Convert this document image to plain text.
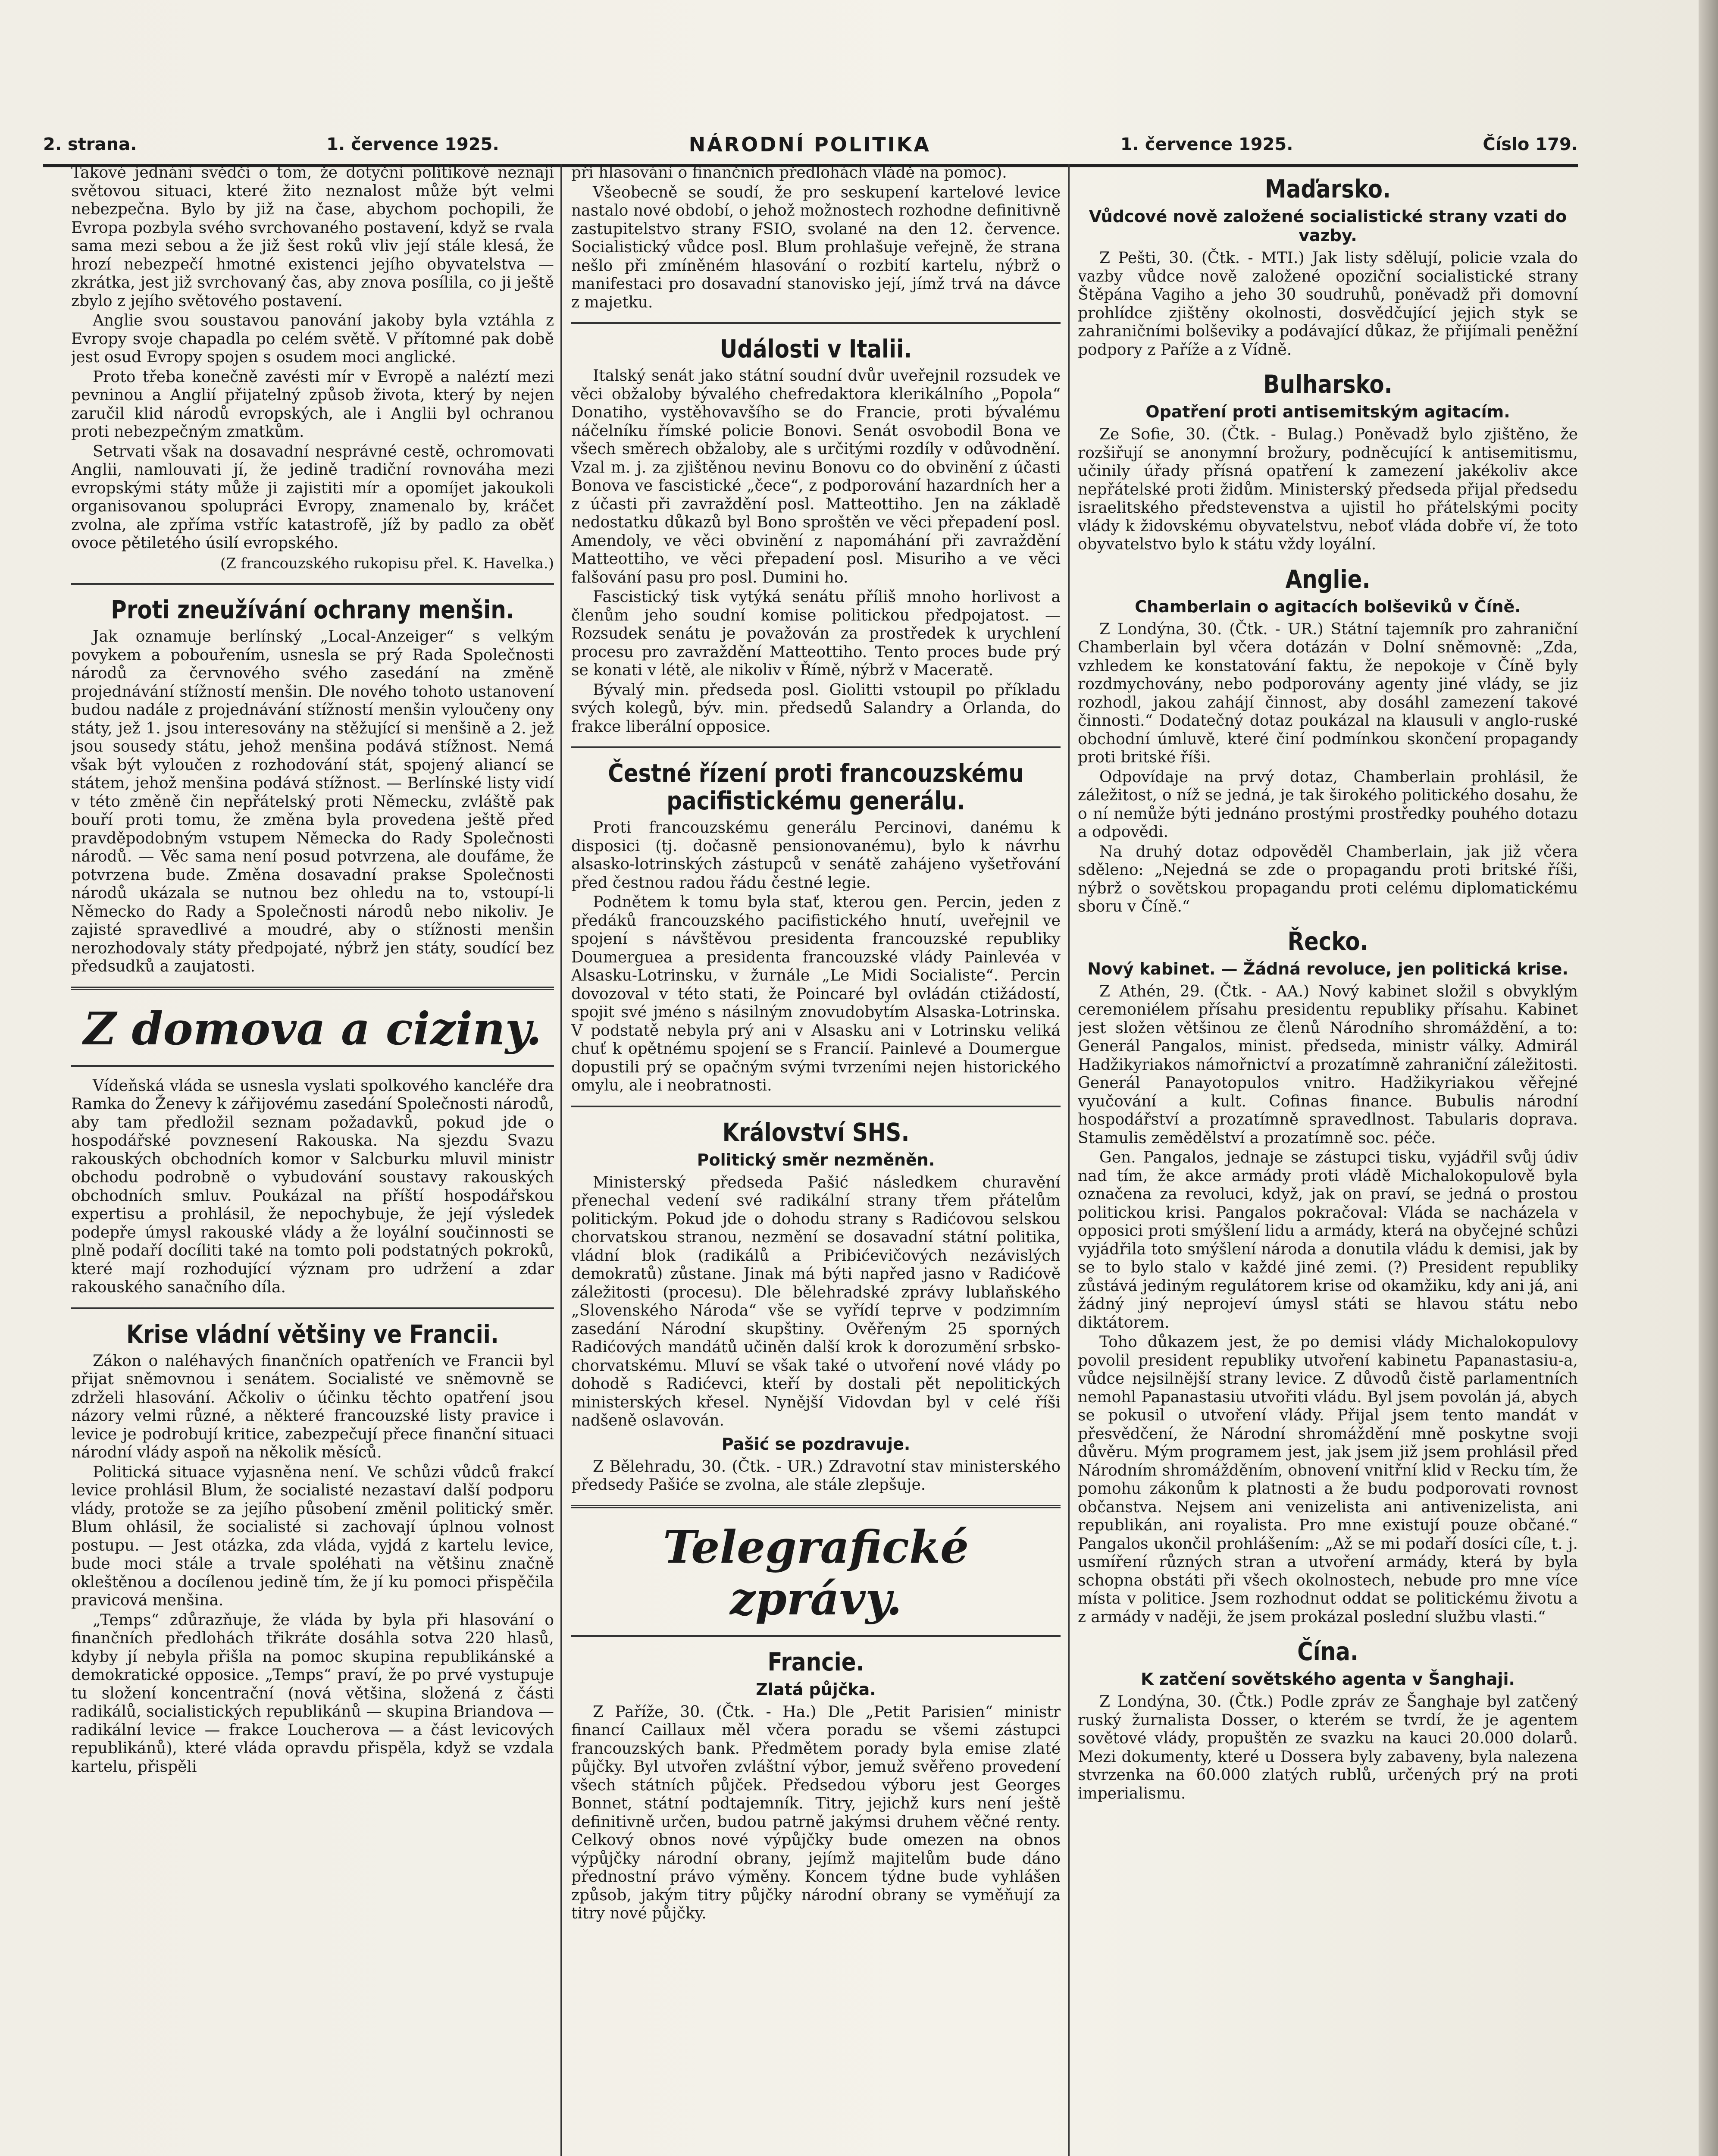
2. strana.	1. července 1925.	NÁRODNÍ POLITIKA	1. července 1925.	Číslo 179.

Takové jednání svědčí o tom, že dotyční politikové neznají světovou situaci, které žito neznalost může být velmi nebezpečna. Bylo by již na čase, abychom pochopili, že Evropa pozbyla svého svrchovaného postavení, když se rvala sama mezi sebou a že již šest roků vliv její stále klesá, že hrozí nebezpečí hmotné existenci jejího obyvatelstva — zkrátka, jest již svrchovaný čas, aby znova posílila, co ji ještě zbylo z jejího světového postavení.

Anglie svou soustavou panování jakoby byla vztáhla z Evropy svoje chapadla po celém světě. V přítomné pak době jest osud Evropy spojen s osudem moci anglické.

Proto třeba konečně zavésti mír v Evropě a naléztí mezi pevninou a Anglií přijatelný způsob života, který by nejen zaručil klid národů evropských, ale i Anglii byl ochranou proti nebezpečným zmatkům.

Setrvati však na dosavadní nesprávné cestě, ochromovati Anglii, namlouvati jí, že jedině tradiční rovnováha mezi evropskými státy může ji zajistiti mír a opomíjet jakoukoli organisovanou spolupráci Evropy, znamenalo by, kráčet zvolna, ale zpříma vstříc katastrofě, jíž by padlo za oběť ovoce pětiletého úsilí evropského.

(Z francouzského rukopisu přel. K. Havelka.)
Proti zneužívání ochrany menšin.

Jak oznamuje berlínský „Local-Anzeiger“ s velkým povykem a pobouřením, usnesla se prý Rada Společnosti národů za červnového svého zasedání na změně projednávání stížností menšin. Dle nového tohoto ustanovení budou nadále z projednávání stížností menšin vyloučeny ony státy, jež 1. jsou interesovány na stěžující si menšině a 2. jež jsou sousedy státu, jehož menšina podává stížnost. Nemá však být vyloučen z rozhodování stát, spojený aliancí se státem, jehož menšina podává stížnost. — Berlínské listy vidí v této změně čin nepřátelský proti Německu, zvláště pak bouří proti tomu, že změna byla provedena ještě před pravděpodobným vstupem Německa do Rady Společnosti národů. — Věc sama není posud potvrzena, ale doufáme, že potvrzena bude. Změna dosavadní prakse Společnosti národů ukázala se nutnou bez ohledu na to, vstoupí-li Německo do Rady a Společnosti národů nebo nikoliv. Je zajisté spravedlivé a moudré, aby o stížnosti menšin nerozhodovaly státy předpojaté, nýbrž jen státy, soudící bez předsudků a zaujatosti.

Z domova a ciziny.

Vídeňská vláda se usnesla vyslati spolkového kancléře dra Ramka do Ženevy k zářijovému zasedání Společnosti národů, aby tam předložil seznam požadavků, pokud jde o hospodářské povznesení Rakouska. Na sjezdu Svazu rakouských obchodních komor v Salcburku mluvil ministr obchodu podrobně o vybudování soustavy rakouských obchodních smluv. Poukázal na příští hospodářskou expertisu a prohlásil, že nepochybuje, že její výsledek podepře úmysl rakouské vlády a že loyální součinnosti se plně podaří docíliti také na tomto poli podstatných pokroků, které mají rozhodující význam pro udržení a zdar rakouského sanačního díla.

Krise vládní většiny ve Francii.

Zákon o naléhavých finančních opatřeních ve Francii byl přijat sněmovnou i senátem. Socialisté ve sněmovně se zdrželi hlasování. Ačkoliv o účinku těchto opatření jsou názory velmi různé, a některé francouzské listy pravice i levice je podrobují kritice, zabezpečují přece finanční situaci národní vlády aspoň na několik měsíců.

Politická situace vyjasněna není. Ve schůzi vůdců frakcí levice prohlásil Blum, že socialisté nezastaví další podporu vlády, protože se za jejího působení změnil politický směr. Blum ohlásil, že socialisté si zachovají úplnou volnost postupu. — Jest otázka, zda vláda, vyjdá z kartelu levice, bude moci stále a trvale spoléhati na většinu značně okleštěnou a docílenou jedině tím, že jí ku pomoci přispěčila pravicová menšina.

„Temps“ zdůrazňuje, že vláda by byla při hlasování o finančních předlohách třikráte dosáhla sotva 220 hlasů, kdyby jí nebyla přišla na pomoc skupina republikánské a demokratické opposice. „Temps“ praví, že po prvé vystupuje tu složení koncentrační (nová většina, složená z části radikálů, socialistických republikánů — skupina Briandova — radikální levice — frakce Loucherova — a část levicových republikánů), které vláda opravdu přispěla, když se vzdala kartelu, přispěli

při hlasování o finančních předlohách vládě na pomoc).

Všeobecně se soudí, že pro seskupení kartelové levice nastalo nové období, o jehož možnostech rozhodne definitivně zastupitelstvo strany FSIO, svolané na den 12. července. Socialistický vůdce posl. Blum prohlašuje veřejně, že strana nešlo při zmíněném hlasování o rozbití kartelu, nýbrž o manifestaci pro dosavadní stanovisko její, jímž trvá na dávce z majetku.

Události v Italii.

Italský senát jako státní soudní dvůr uveřejnil rozsudek ve věci obžaloby bývalého chefredaktora klerikálního „Popola“ Donatiho, vystěhovavšího se do Francie, proti bývalému náčelníku římské policie Bonovi. Senát osvobodil Bona ve všech směrech obžaloby, ale s určitými rozdíly v odůvodnění. Vzal m. j. za zjištěnou nevinu Bonovu co do obvinění z účasti Bonova ve fascistické „čece“, z podporování hazardních her a z účasti při zavraždění posl. Matteottiho. Jen na základě nedostatku důkazů byl Bono sproštěn ve věci přepadení posl. Amendoly, ve věci obvinění z napomáhání při zavraždění Matteottiho, ve věci přepadení posl. Misuriho a ve věci falšování pasu pro posl. Dumini ho.

Fascistický tisk vytýká senátu příliš mnoho horlivost a členům jeho soudní komise politickou předpojatost. — Rozsudek senátu je považován za prostředek k urychlení procesu pro zavraždění Matteottiho. Tento proces bude prý se konati v létě, ale nikoliv v Římě, nýbrž v Maceratě.

Bývalý min. předseda posl. Giolitti vstoupil po příkladu svých kolegů, býv. min. předsedů Salandry a Orlanda, do frakce liberální opposice.

Čestné řízení proti francouzskému pacifistickému generálu.

Proti francouzskému generálu Percinovi, danému k disposici (tj. dočasně pensionovanému), bylo k návrhu alsasko-lotrinských zástupců v senátě zahájeno vyšetřování před čestnou radou řádu čestné legie.

Podnětem k tomu byla stať, kterou gen. Percin, jeden z předáků francouzského pacifistického hnutí, uveřejnil ve spojení s návštěvou presidenta francouzské republiky Doumerguea a presidenta francouzské vlády Painlevéa v Alsasku-Lotrinsku, v žurnále „Le Midi Socialiste“. Percin dovozoval v této stati, že Poincaré byl ovládán ctižádostí, spojit své jméno s násilným znovudobytím Alsaska-Lotrinska. V podstatě nebyla prý ani v Alsasku ani v Lotrinsku veliká chuť k opětnému spojení se s Francií. Painlevé a Doumergue dopustili prý se opačným svými tvrzeními nejen historického omylu, ale i neobratnosti.

Království SHS.
Politický směr nezměněn.

Ministerský předseda Pašić následkem churavění přenechal vedení své radikální strany třem přátelům politickým. Pokud jde o dohodu strany s Radićovou selskou chorvatskou stranou, nezmění se dosavadní státní politika, vládní blok (radikálů a Pribićevičových nezávislých demokratů) zůstane. Jinak má býti napřed jasno v Radićově záležitosti (procesu). Dle bělehradské zprávy lublaňského „Slovenského Národa“ vše se vyřídí teprve v podzimním zasedání Národní skupštiny. Ověřeným 25 sporných Radićových mandátů učiněn další krok k dorozumění srbsko-chorvatskému. Mluví se však také o utvoření nové vlády po dohodě s Radićevci, kteří by dostali pět nepolitických ministerských křesel. Nynější Vidovdan byl v celé říši nadšeně oslavován.

Pašić se pozdravuje.

Z Bělehradu, 30. (Čtk. - UR.) Zdravotní stav ministerského předsedy Pašiće se zvolna, ale stále zlepšuje.

Telegrafické zprávy.
Francie.
Zlatá půjčka.

Z Paříže, 30. (Čtk. - Ha.) Dle „Petit Parisien“ ministr financí Caillaux měl včera poradu se všemi zástupci francouzských bank. Předmětem porady byla emise zlaté půjčky. Byl utvořen zvláštní výbor, jemuž svěřeno provedení všech státních půjček. Předsedou výboru jest Georges Bonnet, státní podtajemník. Titry, jejichž kurs není ještě definitivně určen, budou patrně jakýmsi druhem věčné renty. Celkový obnos nové výpůjčky bude omezen na obnos výpůjčky národní obrany, jejímž majitelům bude dáno přednostní právo výměny. Koncem týdne bude vyhlášen způsob, jakým titry půjčky národní obrany se vyměňují za titry nové půjčky.

Maďarsko.
Vůdcové nově založené socialistické strany vzati do vazby.

Z Pešti, 30. (Čtk. - MTI.) Jak listy sdělují, policie vzala do vazby vůdce nově založené opoziční socialistické strany Štěpána Vagiho a jeho 30 soudruhů, poněvadž při domovní prohlídce zjištěny okolnosti, dosvědčující jejich styk se zahraničními bolševiky a podávající důkaz, že přijímali peněžní podpory z Paříže a z Vídně.

Bulharsko.
Opatření proti antisemitským agitacím.

Ze Sofie, 30. (Čtk. - Bulag.) Poněvadž bylo zjištěno, že rozšiřují se anonymní brožury, podněcující k antisemitismu, učinily úřady přísná opatření k zamezení jakékoliv akce nepřátelské proti židům. Ministerský předseda přijal předsedu israelitského předstevenstva a ujistil ho přátelskými pocity vlády k židovskému obyvatelstvu, neboť vláda dobře ví, že toto obyvatelstvo bylo k státu vždy loyální.

Anglie.
Chamberlain o agitacích bolševiků v Číně.

Z Londýna, 30. (Čtk. - UR.) Státní tajemník pro zahraniční Chamberlain byl včera dotázán v Dolní sněmovně: „Zda, vzhledem ke konstatování faktu, že nepokoje v Číně byly rozdmychovány, nebo podporovány agenty jiné vlády, se jiz rozhodl, jakou zahájí činnost, aby dosáhl zamezení takové činnosti.“ Dodatečný dotaz poukázal na klausuli v anglo-ruské obchodní úmluvě, které činí podmínkou skončení propagandy proti britské říši.

Odpovídaje na prvý dotaz, Chamberlain prohlásil, že záležitost, o níž se jedná, je tak širokého politického dosahu, že o ní nemůže býti jednáno prostými prostředky pouhého dotazu a odpovědi.

Na druhý dotaz odpověděl Chamberlain, jak již včera sděleno: „Nejedná se zde o propagandu proti britské říši, nýbrž o sovětskou propagandu proti celému diplomatickému sboru v Číně.“

Řecko.
Nový kabinet. — Žádná revoluce, jen politická krise.

Z Athén, 29. (Čtk. - AA.) Nový kabinet složil s obvyklým ceremoniélem přísahu presidentu republiky přísahu. Kabinet jest složen většinou ze členů Národního shromáždění, a to: Generál Pangalos, minist. předseda, ministr války. Admirál Hadžikyriakos námořnictví a prozatímně zahraniční záležitosti. Generál Panayotopulos vnitro. Hadžikyriakou věřejné vyučování a kult. Cofinas finance. Bubulis národní hospodářství a prozatímně spravedlnost. Tabularis doprava. Stamulis zemědělství a prozatímně soc. péče.

Gen. Pangalos, jednaje se zástupci tisku, vyjádřil svůj údiv nad tím, že akce armády proti vládě Michalokopulově byla označena za revoluci, když, jak on praví, se jedná o prostou politickou krisi. Pangalos pokračoval: Vláda se nacházela v opposici proti smýšlení lidu a armády, která na obyčejné schůzi vyjádřila toto smýšlení národa a donutila vládu k demisi, jak by se to bylo stalo v každé jiné zemi. (?) President republiky zůstává jediným regulátorem krise od okamžiku, kdy ani já, ani žádný jiný neprojeví úmysl státi se hlavou státu nebo diktátorem.

Toho důkazem jest, že po demisi vlády Michalokopulovy povolil president republiky utvoření kabinetu Papanastasiu-a, vůdce nejsilnější strany levice. Z důvodů čistě parlamentních nemohl Papanastasiu utvořiti vládu. Byl jsem povolán já, abych se pokusil o utvoření vlády. Přijal jsem tento mandát v přesvědčení, že Národní shromáždění mně poskytne svoji důvěru. Mým programem jest, jak jsem již jsem prohlásil před Národním shromážděním, obnovení vnitřní klid v Recku tím, že pomohu zákonům k platnosti a že budu podporovati rovnost občanstva. Nejsem ani venizelista ani antivenizelista, ani republikán, ani royalista. Pro mne existují pouze občané.“ Pangalos ukončil prohlášením: „Až se mi podaří dosíci cíle, t. j. usmíření různých stran a utvoření armády, která by byla schopna obstáti při všech okolnostech, nebude pro mne více místa v politice. Jsem rozhodnut oddat se politickému životu a z armády v naději, že jsem prokázal poslední službu vlasti.“

Čína.
K zatčení sovětského agenta v Šanghaji.

Z Londýna, 30. (Čtk.) Podle zpráv ze Šanghaje byl zatčený ruský žurnalista Dosser, o kterém se tvrdí, že je agentem sovětové vlády, propuštěn ze svazku na kauci 20.000 dolarů. Mezi dokumenty, které u Dossera byly zabaveny, byla nalezena stvrzenka na 60.000 zlatých rublů, určených prý na proti imperialismu.
